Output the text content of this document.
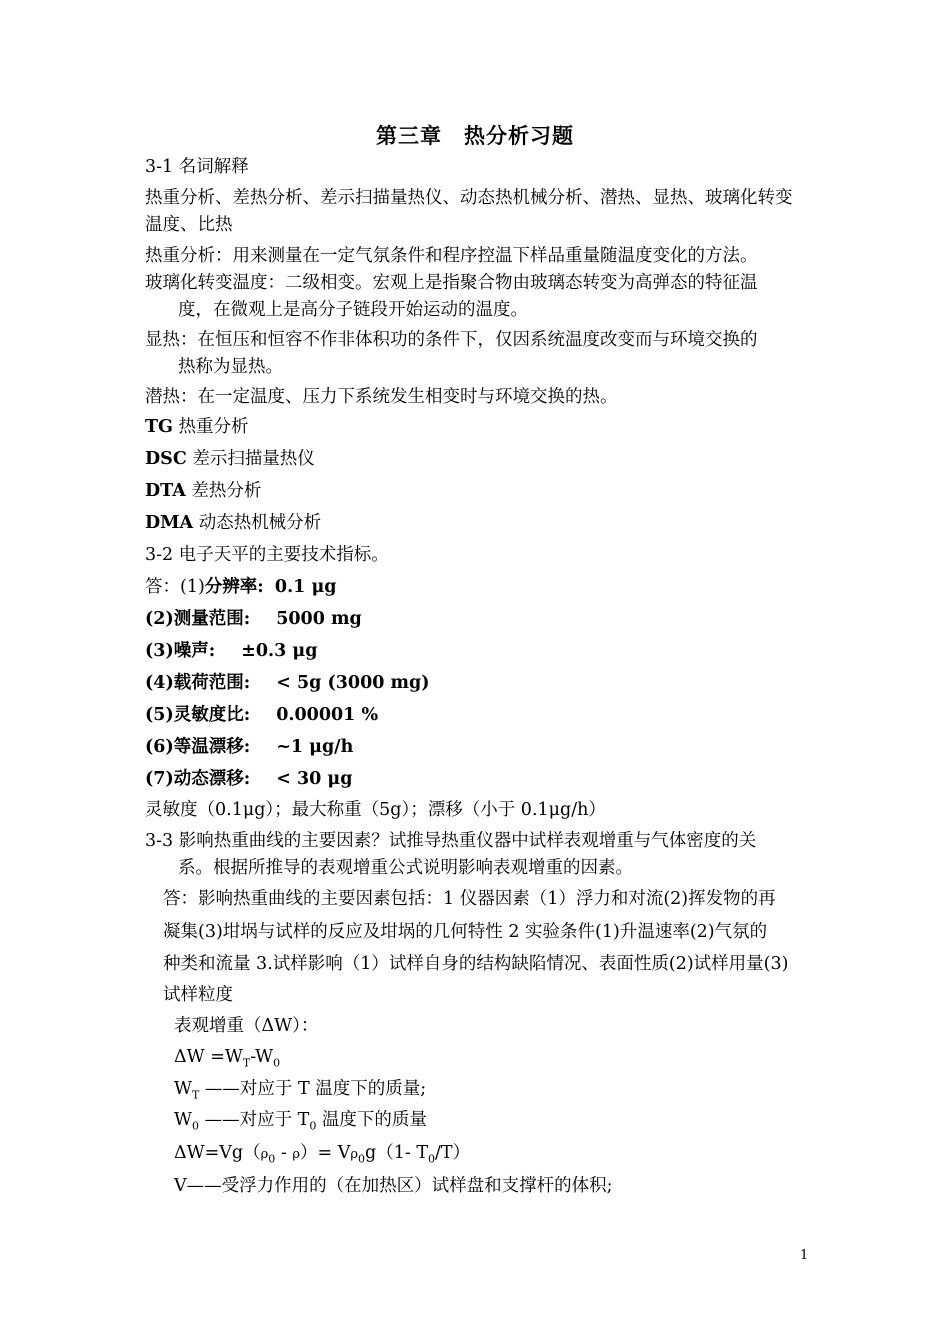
第三章　热分析习题
3-1 名词解释
热重分析、差热分析、差示扫描量热仪、动态热机械分析、潜热、显热、玻璃化转变
温度、比热
热重分析：用来测量在一定气氛条件和程序控温下样品重量随温度变化的方法。
玻璃化转变温度：二级相变。宏观上是指聚合物由玻璃态转变为高弹态的特征温
度，在微观上是高分子链段开始运动的温度。
显热：在恒压和恒容不作非体积功的条件下，仅因系统温度改变而与环境交换的
热称为显热。
潜热：在一定温度、压力下系统发生相变时与环境交换的热。
TG 热重分析
DSC 差示扫描量热仪
DTA 差热分析
DMA 动态热机械分析
3-2 电子天平的主要技术指标。
答：(1)分辨率: 0.1 μg
(2)测量范围: 5000 mg
(3)噪声: ±0.3 μg
(4)载荷范围: < 5g (3000 mg)
(5)灵敏度比: 0.00001 %
(6)等温漂移: ~1 μg/h
(7)动态漂移: < 30 μg
灵敏度（0.1μg）；最大称重（5g）；漂移（小于 0.1μg/h）
3-3 影响热重曲线的主要因素？试推导热重仪器中试样表观增重与气体密度的关
系。根据所推导的表观增重公式说明影响表观增重的因素。
答：影响热重曲线的主要因素包括：1 仪器因素（1）浮力和对流(2)挥发物的再
凝集(3)坩埚与试样的反应及坩埚的几何特性 2 实验条件(1)升温速率(2)气氛的
种类和流量 3.试样影响（1）试样自身的结构缺陷情况、表面性质(2)试样用量(3)
试样粒度
表观增重（ΔW）：
$\Delta W =W_T-W_0$
$W_T$ ——对应于 T 温度下的质量;
$W_0$ ——对应于 $T_0$ 温度下的质量
$\Delta W=Vg(\rho_0 - \rho)= V\rho_0g(1-$ $T_0/T$）
V——受浮力作用的（在加热区）试样盘和支撑杆的体积;
1
